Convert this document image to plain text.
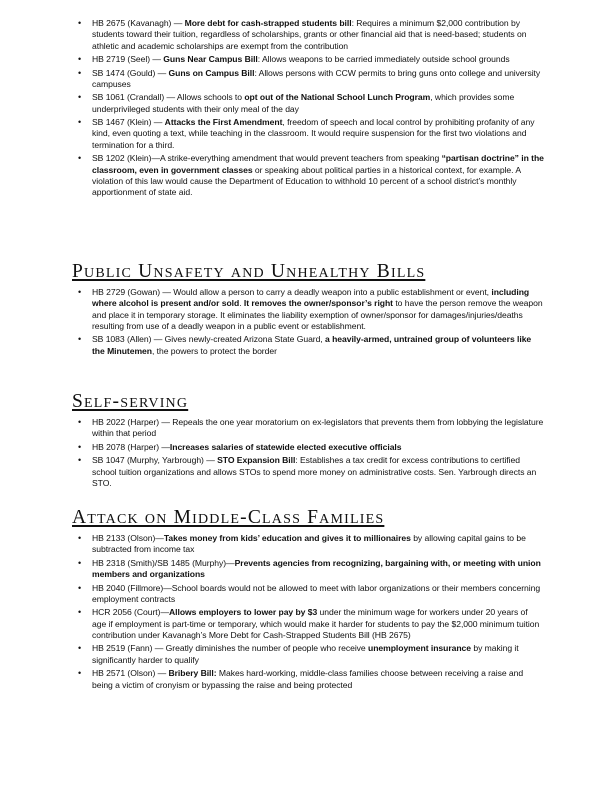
• HB 2675 (Kavanagh) — More debt for cash-strapped students bill: Requires a minimum $2,000 contribution by students toward their tuition, regardless of scholarships, grants or other financial aid that is need-based; students on athletic and academic scholarships are exempt from the contribution
• HB 2719 (Seel) — Guns Near Campus Bill: Allows weapons to be carried immediately outside school grounds
• SB 1474 (Gould) — Guns on Campus Bill: Allows persons with CCW permits to bring guns onto college and university campuses
• SB 1061 (Crandall) — Allows schools to opt out of the National School Lunch Program, which provides some underprivileged students with their only meal of the day
• SB 1467 (Klein) — Attacks the First Amendment, freedom of speech and local control by prohibiting profanity of any kind, even quoting a text, while teaching in the classroom. It would require suspension for the first two violations and termination for a third.
• SB 1202 (Klein)—A strike-everything amendment that would prevent teachers from speaking “partisan doctrine” in the classroom, even in government classes or speaking about political parties in a historical context, for example. A violation of this law would cause the Department of Education to withhold 10 percent of a school district’s monthly apportionment of state aid.
Public Unsafety and Unhealthy Bills
• HB 2729 (Gowan) — Would allow a person to carry a deadly weapon into a public establishment or event, including where alcohol is present and/or sold. It removes the owner/sponsor’s right to have the person remove the weapon and place it in temporary storage. It eliminates the liability exemption of owner/sponsor for damages/injuries/deaths resulting from use of a deadly weapon in a public event or establishment.
• SB 1083 (Allen) — Gives newly-created Arizona State Guard, a heavily-armed, untrained group of volunteers like the Minutemen, the powers to protect the border
Self-serving
• HB 2022 (Harper) — Repeals the one year moratorium on ex-legislators that prevents them from lobbying the legislature within that period
• HB 2078 (Harper) —Increases salaries of statewide elected executive officials
• SB 1047 (Murphy, Yarbrough) — STO Expansion Bill: Establishes a tax credit for excess contributions to certified school tuition organizations and allows STOs to spend more money on administrative costs. Sen. Yarbrough directs an STO.
Attack on Middle-Class Families
• HB 2133 (Olson)—Takes money from kids’ education and gives it to millionaires by allowing capital gains to be subtracted from income tax
• HB 2318 (Smith)/SB 1485 (Murphy)—Prevents agencies from recognizing, bargaining with, or meeting with union members and organizations
• HB 2040 (Fillmore)—School boards would not be allowed to meet with labor organizations or their members concerning employment contracts
• HCR 2056 (Court)—Allows employers to lower pay by $3 under the minimum wage for workers under 20 years of age if employment is part-time or temporary, which would make it harder for students to pay the $2,000 minimum tuition contribution under Kavanagh’s More Debt for Cash-Strapped Students Bill (HB 2675)
• HB 2519 (Fann) — Greatly diminishes the number of people who receive unemployment insurance by making it significantly harder to qualify
• HB 2571 (Olson) — Bribery Bill: Makes hard-working, middle-class families choose between receiving a raise and being a victim of cronyism or bypassing the raise and being protected
